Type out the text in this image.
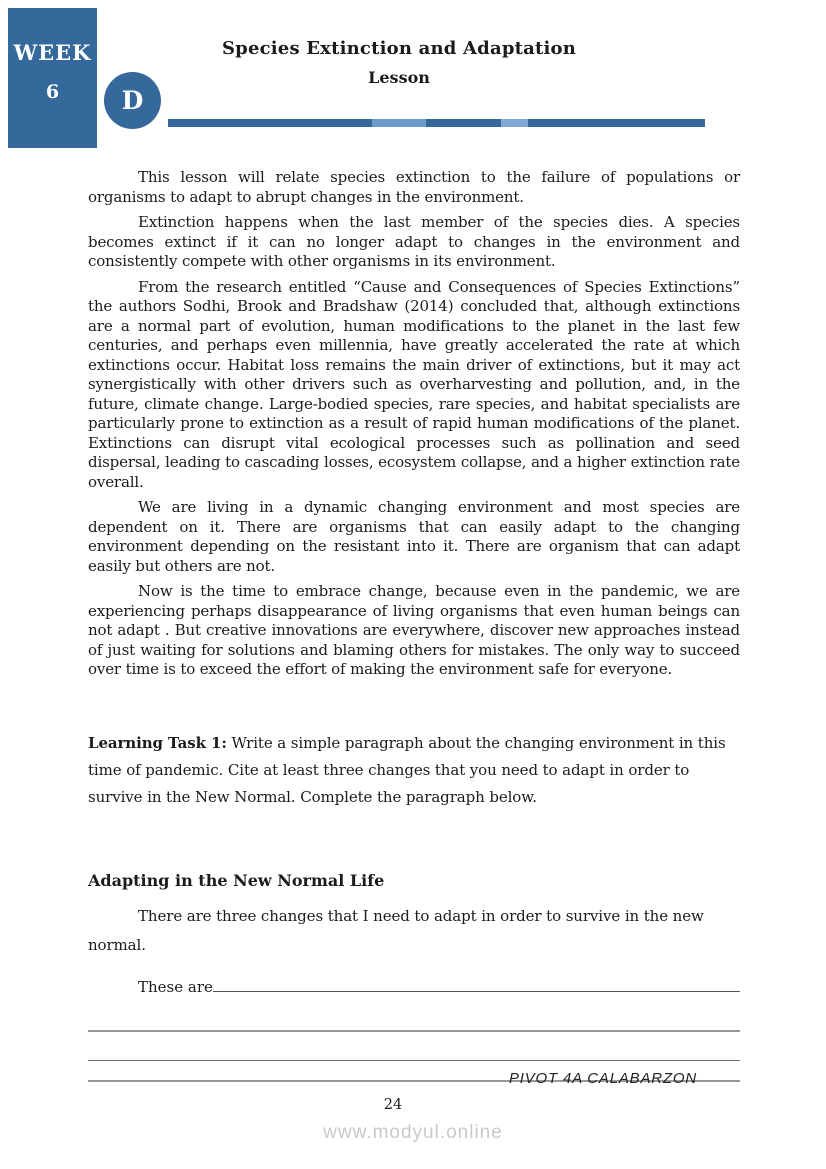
WEEK
6	D
Species Extinction and Adaptation
Lesson

This lesson will relate species extinction to the failure of populations or organisms to adapt to abrupt changes in the environment.

Extinction happens when the last member of the species dies. A species becomes extinct if it can no longer adapt to changes in the environment and consistently compete with other organisms in its environment.

From the research entitled “Cause and Consequences of Species Extinctions” the authors Sodhi, Brook and Bradshaw (2014) concluded that, although extinctions are a normal part of evolution, human modifications to the planet in the last few centuries, and perhaps even millennia, have greatly accelerated the rate at which extinctions occur. Habitat loss remains the main driver of extinctions, but it may act synergistically with other drivers such as overharvesting and pollution, and, in the future, climate change. Large-bodied species, rare species, and habitat specialists are particularly prone to extinction as a result of rapid human modifications of the planet. Extinctions can disrupt vital ecological processes such as pollination and seed dispersal, leading to cascading losses, ecosystem collapse, and a higher extinction rate overall.

We are living in a dynamic changing environment and most species are dependent on it. There are organisms that can easily adapt to the changing environment depending on the resistant into it. There are organism that can adapt easily but others are not.

Now is the time to embrace change, because even in the pandemic, we are experiencing perhaps disappearance of living organisms that even human beings can not adapt . But creative innovations are everywhere, discover new approaches instead of just waiting for solutions and blaming others for mistakes. The only way to succeed over time is to exceed the effort of making the environment safe for everyone.

Learning Task 1: Write a simple paragraph about the changing environment in this time of pandemic. Cite at least three changes that you need to adapt in order to survive in the New Normal. Complete the paragraph below.

Adapting in the New Normal Life

There are three changes that I need to adapt in order to survive in the new normal.

These are
PIVOT 4A CALABARZON
24
www.modyul.online
